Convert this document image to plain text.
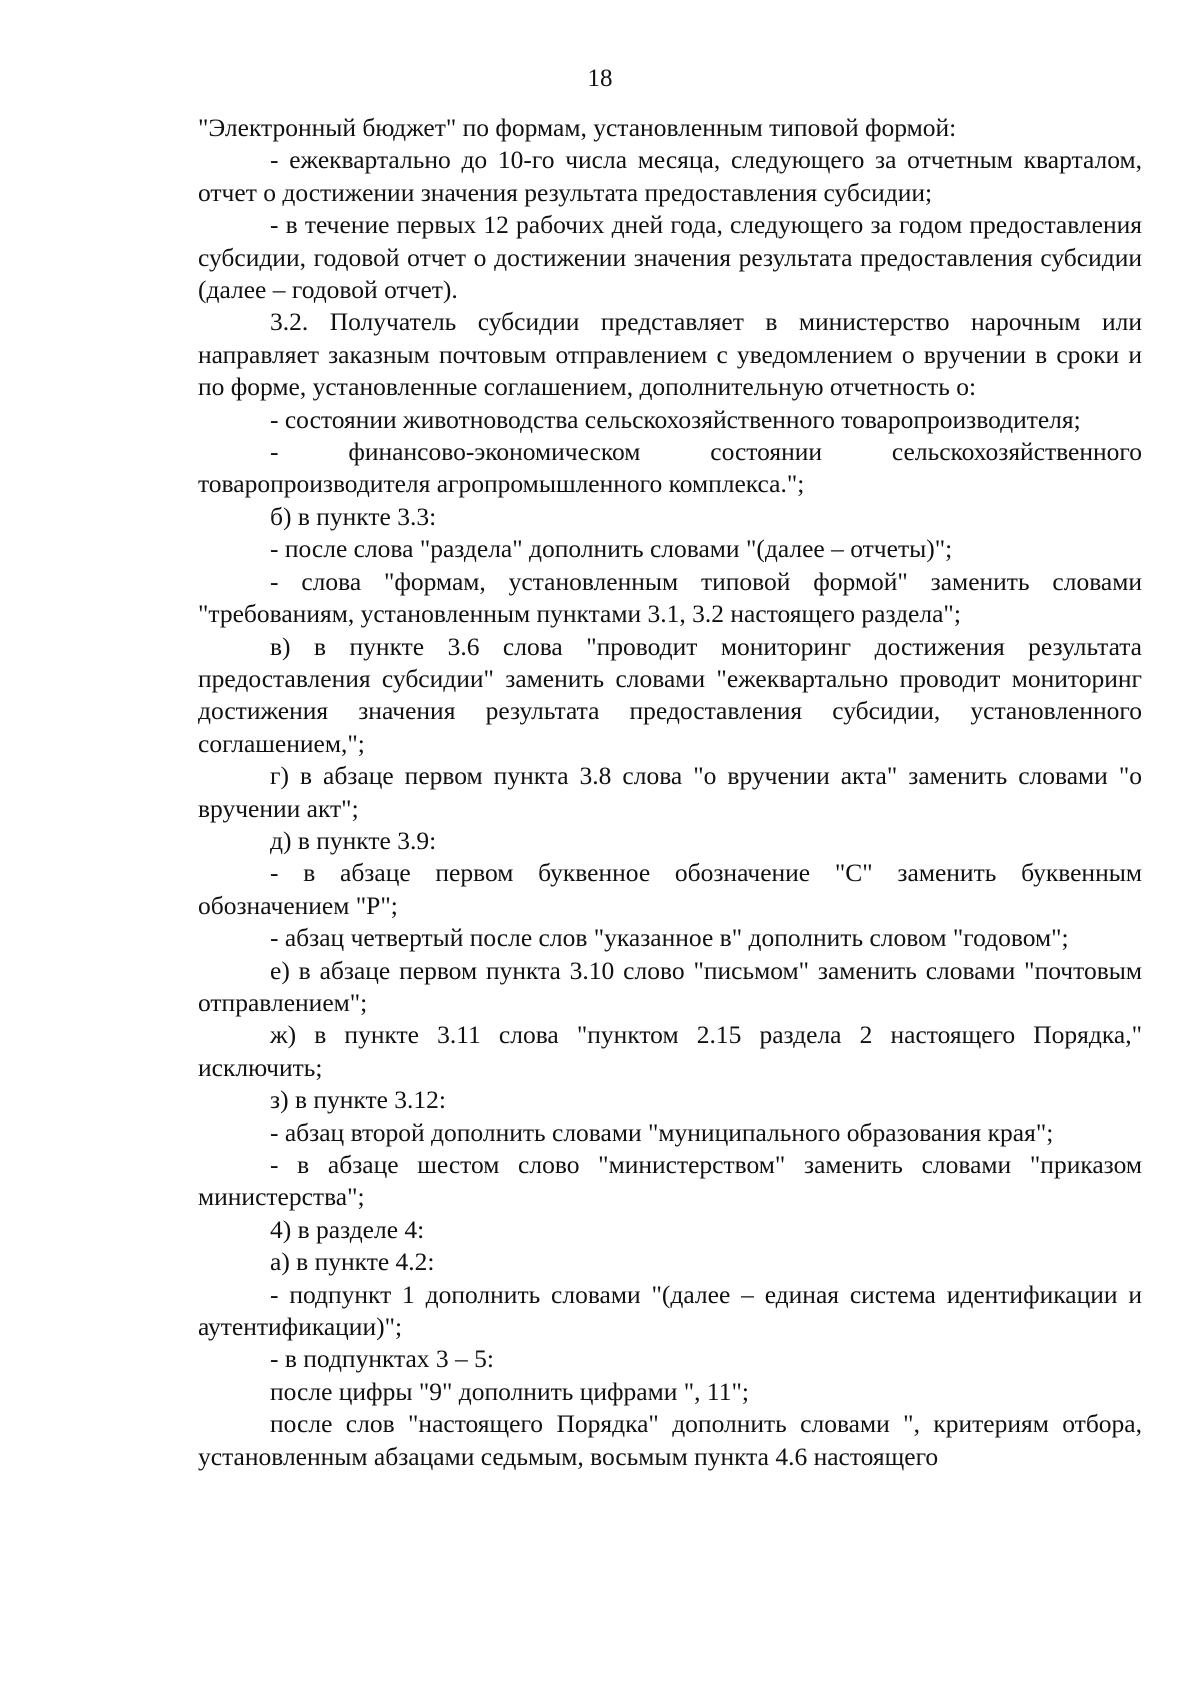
18

"Электронный бюджет" по формам, установленным типовой формой:

- ежеквартально до 10-го числа месяца, следующего за отчетным кварталом, отчет о достижении значения результата предоставления субсидии;

- в течение первых 12 рабочих дней года, следующего за годом предоставления субсидии, годовой отчет о достижении значения результата предоставления субсидии (далее – годовой отчет).

3.2. Получатель субсидии представляет в министерство нарочным или направляет заказным почтовым отправлением с уведомлением о вручении в сроки и по форме, установленные соглашением, дополнительную отчетность о:

- состоянии животноводства сельскохозяйственного товаропроизводителя;

- финансово-экономическом состоянии сельскохозяйственного товаропроизводителя агропромышленного комплекса.";

б) в пункте 3.3:

- после слова "раздела" дополнить словами "(далее – отчеты)";

- слова "формам, установленным типовой формой" заменить словами "требованиям, установленным пунктами 3.1, 3.2 настоящего раздела";

в) в пункте 3.6 слова "проводит мониторинг достижения результата предоставления субсидии" заменить словами "ежеквартально проводит мониторинг достижения значения результата предоставления субсидии, установленного соглашением,";

г) в абзаце первом пункта 3.8 слова "о вручении акта" заменить словами "о вручении акт";

д) в пункте 3.9:

- в абзаце первом буквенное обозначение "С" заменить буквенным обозначением "Р";

- абзац четвертый после слов "указанное в" дополнить словом "годовом";

е) в абзаце первом пункта 3.10 слово "письмом" заменить словами "почтовым отправлением";

ж) в пункте 3.11 слова "пунктом 2.15 раздела 2 настоящего Порядка," исключить;

з) в пункте 3.12:

- абзац второй дополнить словами "муниципального образования края";

- в абзаце шестом слово "министерством" заменить словами "приказом министерства";

4) в разделе 4:

а) в пункте 4.2:

- подпункт 1 дополнить словами "(далее – единая система идентификации и аутентификации)";

- в подпунктах 3 – 5:

после цифры "9" дополнить цифрами ", 11";

после слов "настоящего Порядка" дополнить словами ", критериям отбора, установленным абзацами седьмым, восьмым пункта 4.6 настоящего
